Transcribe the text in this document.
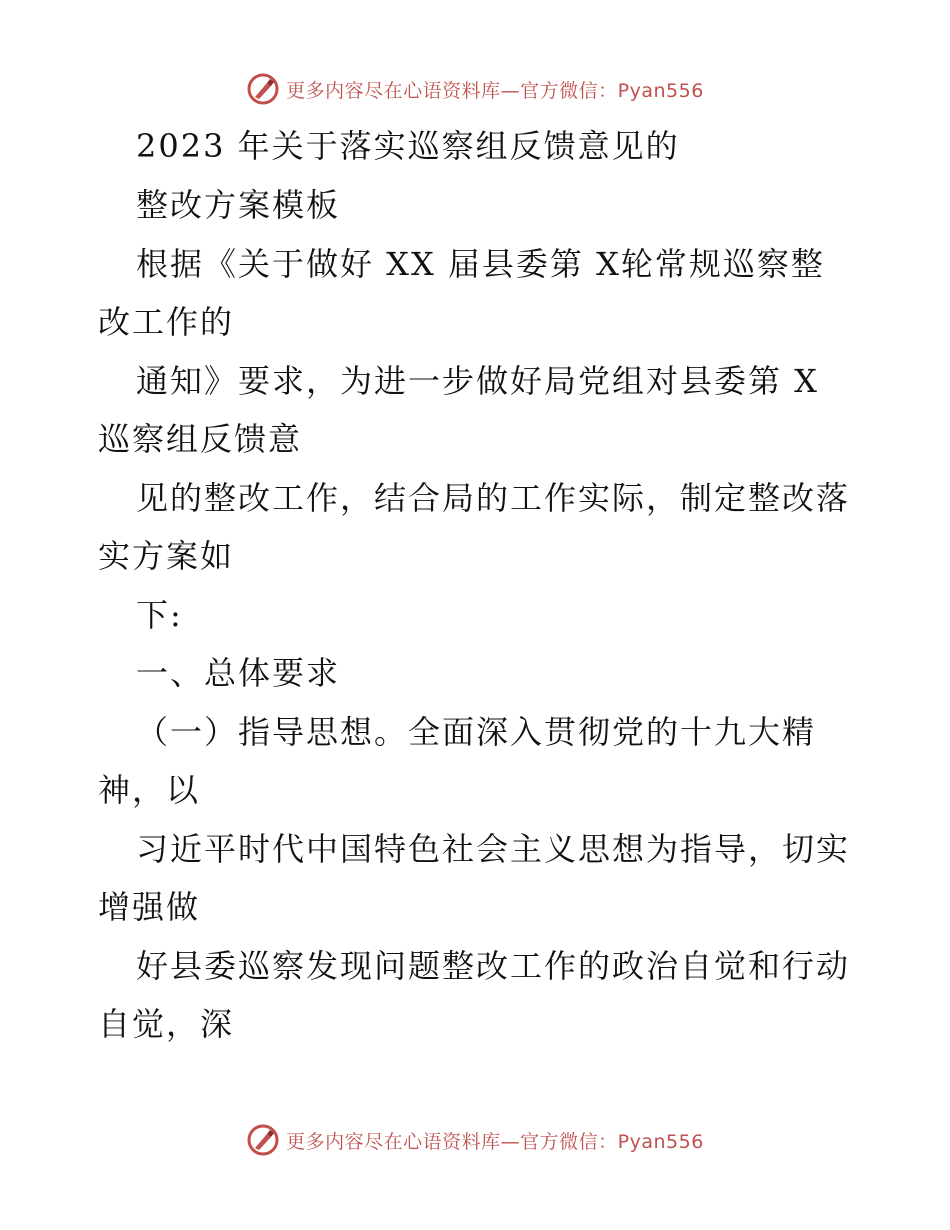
更多内容尽在心语资料库—官方微信：Pyan556
2023 年关于落实巡察组反馈意见的
整改方案模板
根据《关于做好 XX 届县委第 X轮常规巡察整
改工作的
通知》要求，为进一步做好局党组对县委第 X
巡察组反馈意
见的整改工作，结合局的工作实际，制定整改落
实方案如
下:
一、总体要求
（一）指导思想。全面深入贯彻党的十九大精
神，以
习近平时代中国特色社会主义思想为指导，切实
增强做
好县委巡察发现问题整改工作的政治自觉和行动
自觉，深
更多内容尽在心语资料库—官方微信：Pyan556
